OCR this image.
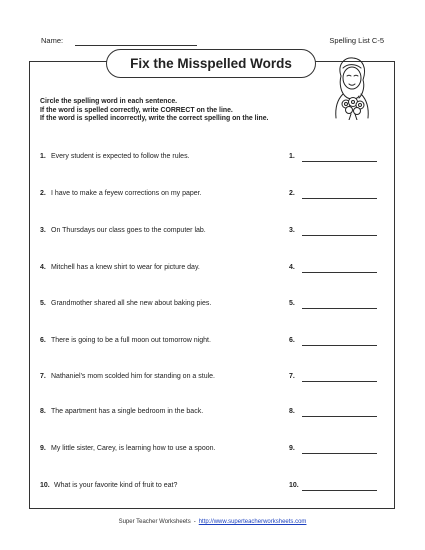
Name:	Spelling List C-5
Fix the Misspelled Words
Circle the spelling word in each sentence.
If the word is spelled correctly, write CORRECT on the line.
If the word is spelled incorrectly, write the correct spelling on the line.
1. Every student is expected to follow the rules.	1.
2. I have to make a feyew corrections on my paper.	2.
3. On Thursdays our class goes to the computer lab.	3.
4. Mitchell has a knew shirt to wear for picture day.	4.
5. Grandmother shared all she new about baking pies.	5.
6. There is going to be a full moon out tomorrow night.	6.
7. Nathaniel's mom scolded him for standing on a stule.	7.
8. The apartment has a single bedroom in the back.	8.
9. My little sister, Carey, is learning how to use a spoon.	9.
10. What is your favorite kind of fruit to eat?	10.
Super Teacher Worksheets - http://www.superteacherworksheets.com
